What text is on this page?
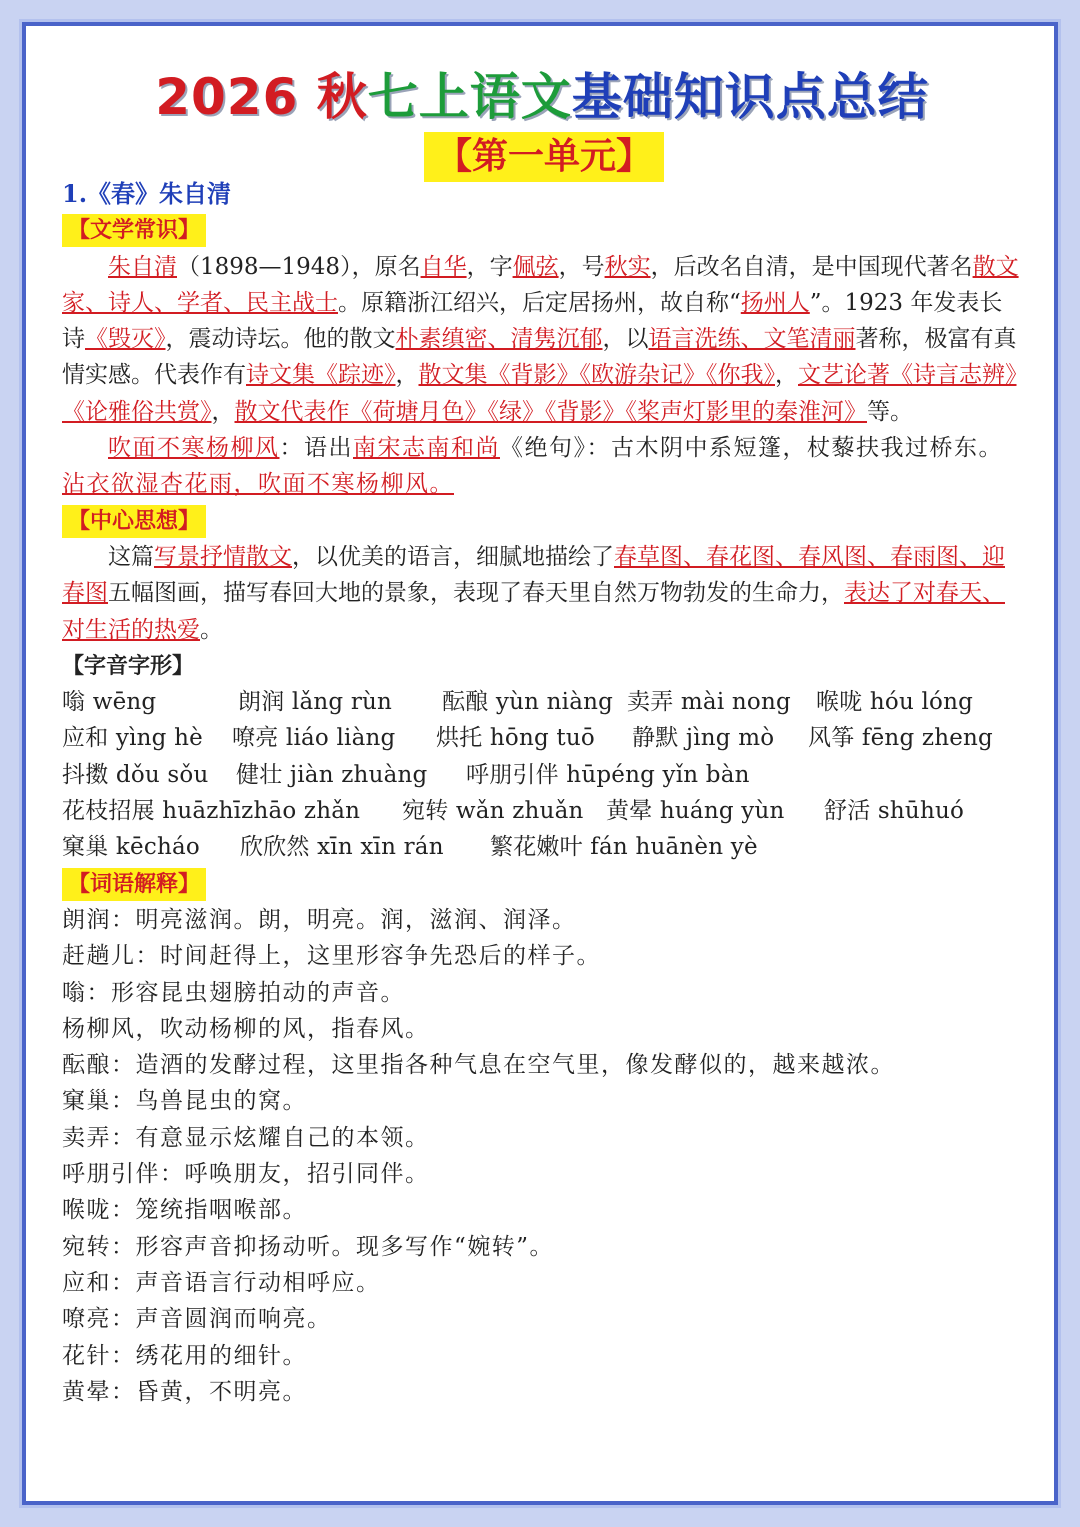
2026 秋七上语文基础知识点总结
【第一单元】

1.《春》朱自清

【文学常识】

朱自清（1898—1948），原名自华，字佩弦，号秋实，后改名自清，是中国现代著名散文家、诗人、学者、民主战士。原籍浙江绍兴，后定居扬州，故自称“扬州人”。1923 年发表长诗《毁灭》，震动诗坛。他的散文朴素缜密、清隽沉郁，以语言洗练、文笔清丽著称，极富有真情实感。代表作有诗文集《踪迹》，散文集《背影》《欧游杂记》《你我》，文艺论著《诗言志辨》《论雅俗共赏》，散文代表作《荷塘月色》《绿》《背影》《桨声灯影里的秦淮河》等。

吹面不寒杨柳风：语出南宋志南和尚《绝句》：古木阴中系短篷，杖藜扶我过桥东。沾衣欲湿杏花雨，吹面不寒杨柳风。

【中心思想】

这篇写景抒情散文，以优美的语言，细腻地描绘了春草图、春花图、春风图、春雨图、迎春图五幅图画，描写春回大地的景象，表现了春天里自然万物勃发的生命力，表达了对春天、对生活的热爱。

【字音字形】

嗡 wēng	朗润 lǎng rùn 酝酿 yùn niàng 卖弄 mài nong 喉咙 hóu lóng
应和 yìng hè 嘹亮 liáo liàng 烘托 hōng tuō 静默 jìng mò 风筝 fēng zheng
抖擞 dǒu sǒu 健壮 jiàn zhuàng 呼朋引伴 hūpéng yǐn bàn
花枝招展 huāzhīzhāo zhǎn 宛转 wǎn zhuǎn 黄晕 huáng yùn 舒活 shūhuó
窠巢 kēcháo 欣欣然 xīn xīn rán 繁花嫩叶 fán huānèn yè

【词语解释】

朗润：明亮滋润。朗，明亮。润，滋润、润泽。

赶趟儿：时间赶得上，这里形容争先恐后的样子。

嗡：形容昆虫翅膀拍动的声音。

杨柳风，吹动杨柳的风，指春风。

酝酿：造酒的发酵过程，这里指各种气息在空气里，像发酵似的，越来越浓。

窠巢：鸟兽昆虫的窝。

卖弄：有意显示炫耀自己的本领。

呼朋引伴：呼唤朋友，招引同伴。

喉咙：笼统指咽喉部。

宛转：形容声音抑扬动听。现多写作“婉转”。

应和：声音语言行动相呼应。

嘹亮：声音圆润而响亮。

花针：绣花用的细针。

黄晕：昏黄，不明亮。
